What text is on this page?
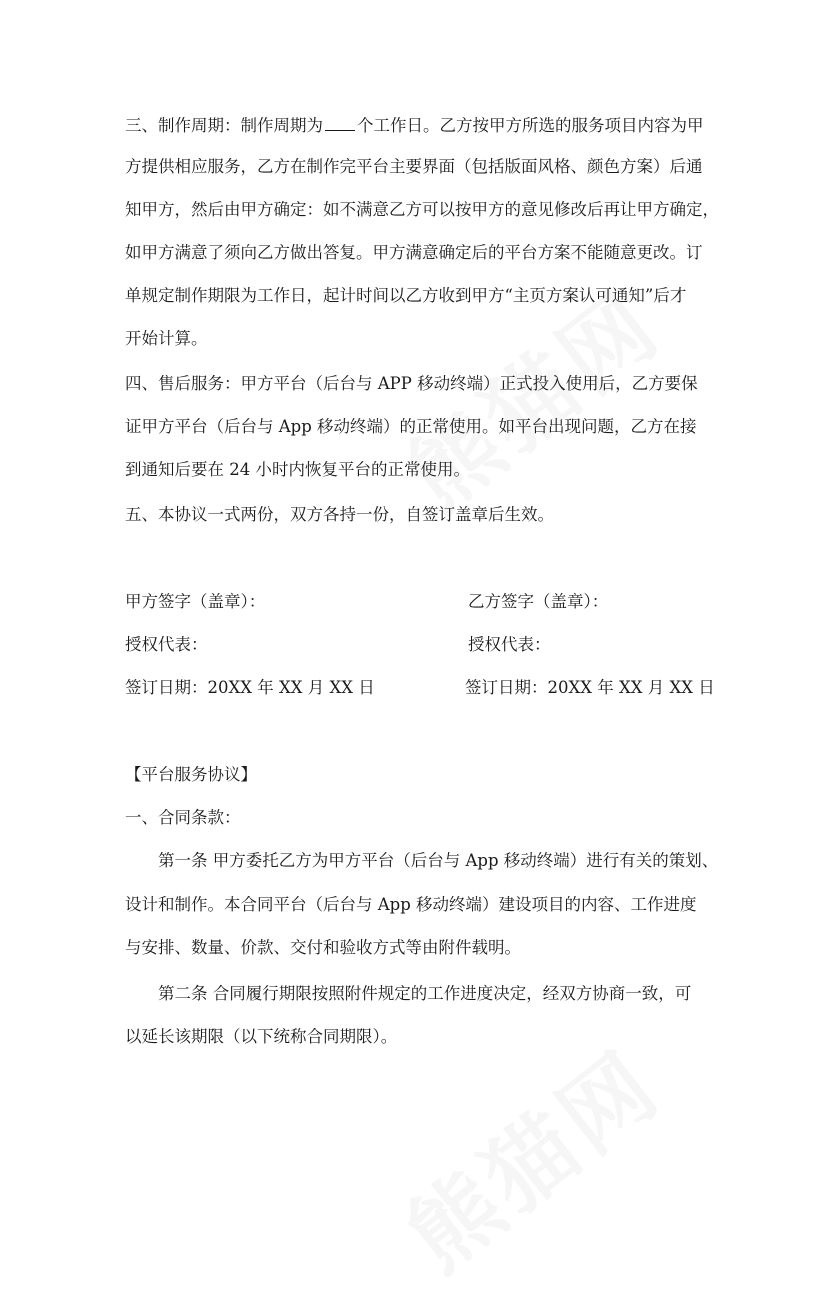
三、制作周期：制作周期为 个工作日。乙方按甲方所选的服务项目内容为甲
方提供相应服务，乙方在制作完平台主要界面（包括版面风格、颜色方案）后通
知甲方，然后由甲方确定：如不满意乙方可以按甲方的意见修改后再让甲方确定，
如甲方满意了须向乙方做出答复。甲方满意确定后的平台方案不能随意更改。订
单规定制作期限为工作日，起计时间以乙方收到甲方“主页方案认可通知”后才
开始计算。
四、售后服务：甲方平台（后台与 APP 移动终端）正式投入使用后，乙方要保
证甲方平台（后台与 App 移动终端）的正常使用。如平台出现问题，乙方在接
到通知后要在 24 小时内恢复平台的正常使用。
五、本协议一式两份，双方各持一份，自签订盖章后生效。
甲方签字（盖章）：	乙方签字（盖章）：
授权代表：	授权代表：
签订日期：20XX 年 XX 月 XX 日	签订日期：20XX 年 XX 月 XX 日
【平台服务协议】
一、合同条款：
第一条 甲方委托乙方为甲方平台（后台与 App 移动终端）进行有关的策划、
设计和制作。本合同平台（后台与 App 移动终端）建设项目的内容、工作进度
与安排、数量、价款、交付和验收方式等由附件载明。
第二条 合同履行期限按照附件规定的工作进度决定，经双方协商一致，可
以延长该期限（以下统称合同期限）。
